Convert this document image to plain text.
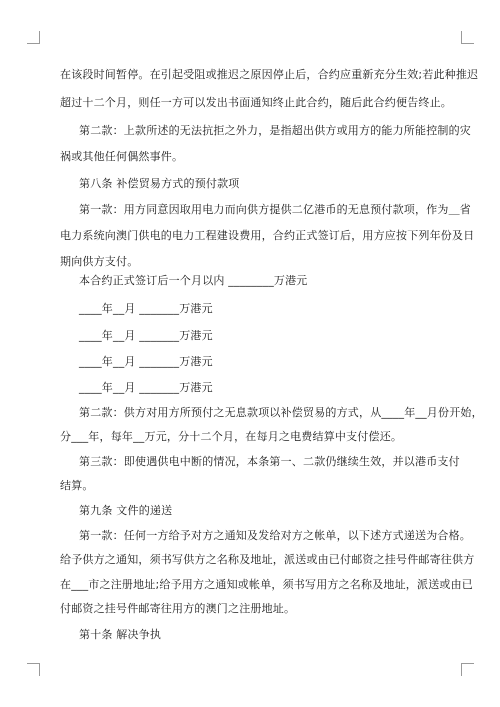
在该段时间暂停。在引起受阻或推迟之原因停止后，合约应重新充分生效;若此种推迟
超过十二个月，则任一方可以发出书面通知终止此合约，随后此合约便告终止。
第二款：上款所述的无法抗拒之外力，是指超出供方或用方的能力所能控制的灾
祸或其他任何偶然事件。
第八条 补偿贸易方式的预付款项
第一款：用方同意因取用电力而向供方提供二亿港币的无息预付款项，作为＿省
电力系统向澳门供电的电力工程建设费用，合约正式签订后，用方应按下列年份及日
期向供方支付。
本合约正式签订后一个月以内 ________万港元
____年__月 _______万港元
____年__月 _______万港元
____年__月 _______万港元
____年__月 _______万港元
第二款：供方对用方所预付之无息款项以补偿贸易的方式，从____年__月份开始，
分___年，每年__万元，分十二个月，在每月之电费结算中支付偿还。
第三款：即使遇供电中断的情况，本条第一、二款仍继续生效，并以港币支付
结算。
第九条 文件的递送
第一款：任何一方给予对方之通知及发给对方之帐单，以下述方式递送为合格。
给予供方之通知，须书写供方之名称及地址，派送或由已付邮资之挂号件邮寄往供方
在___市之注册地址;给予用方之通知或帐单，须书写用方之名称及地址，派送或由已
付邮资之挂号件邮寄往用方的澳门之注册地址。
第十条 解决争执
